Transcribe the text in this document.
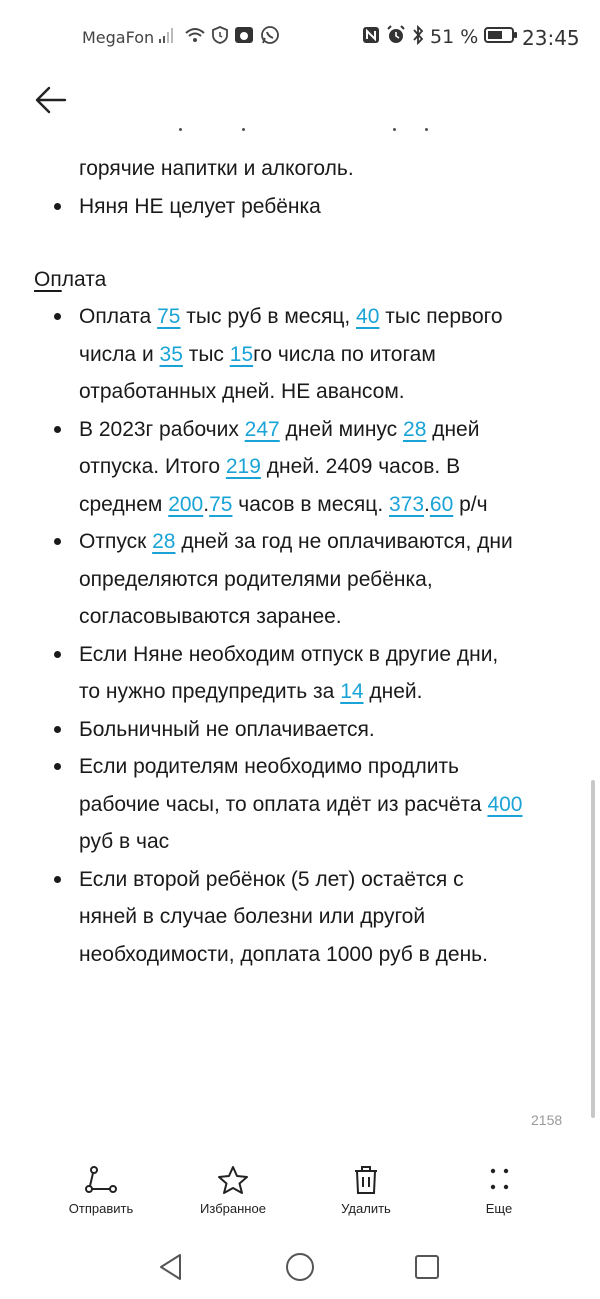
MegaFon	51 % 23:45
горячие напитки и алкоголь.
Няня НЕ целует ребёнка
Оплата
Оплата 75 тыс руб в месяц, 40 тыс первого
числа и 35 тыс 15го числа по итогам
отработанных дней. НЕ авансом.
В 2023г рабочих 247 дней минус 28 дней
отпуска. Итого 219 дней. 2409 часов. В
среднем 200.75 часов в месяц. 373.60 р/ч
Отпуск 28 дней за год не оплачиваются, дни
определяются родителями ребёнка,
согласовываются заранее.
Если Няне необходим отпуск в другие дни,
то нужно предупредить за 14 дней.
Больничный не оплачивается.
Если родителям необходимо продлить
рабочие часы, то оплата идёт из расчёта 400
руб в час
Если второй ребёнок (5 лет) остаётся с
няней в случае болезни или другой
необходимости, доплата 1000 руб в день.
2158
Отправить	Избранное	Удалить	Еще
